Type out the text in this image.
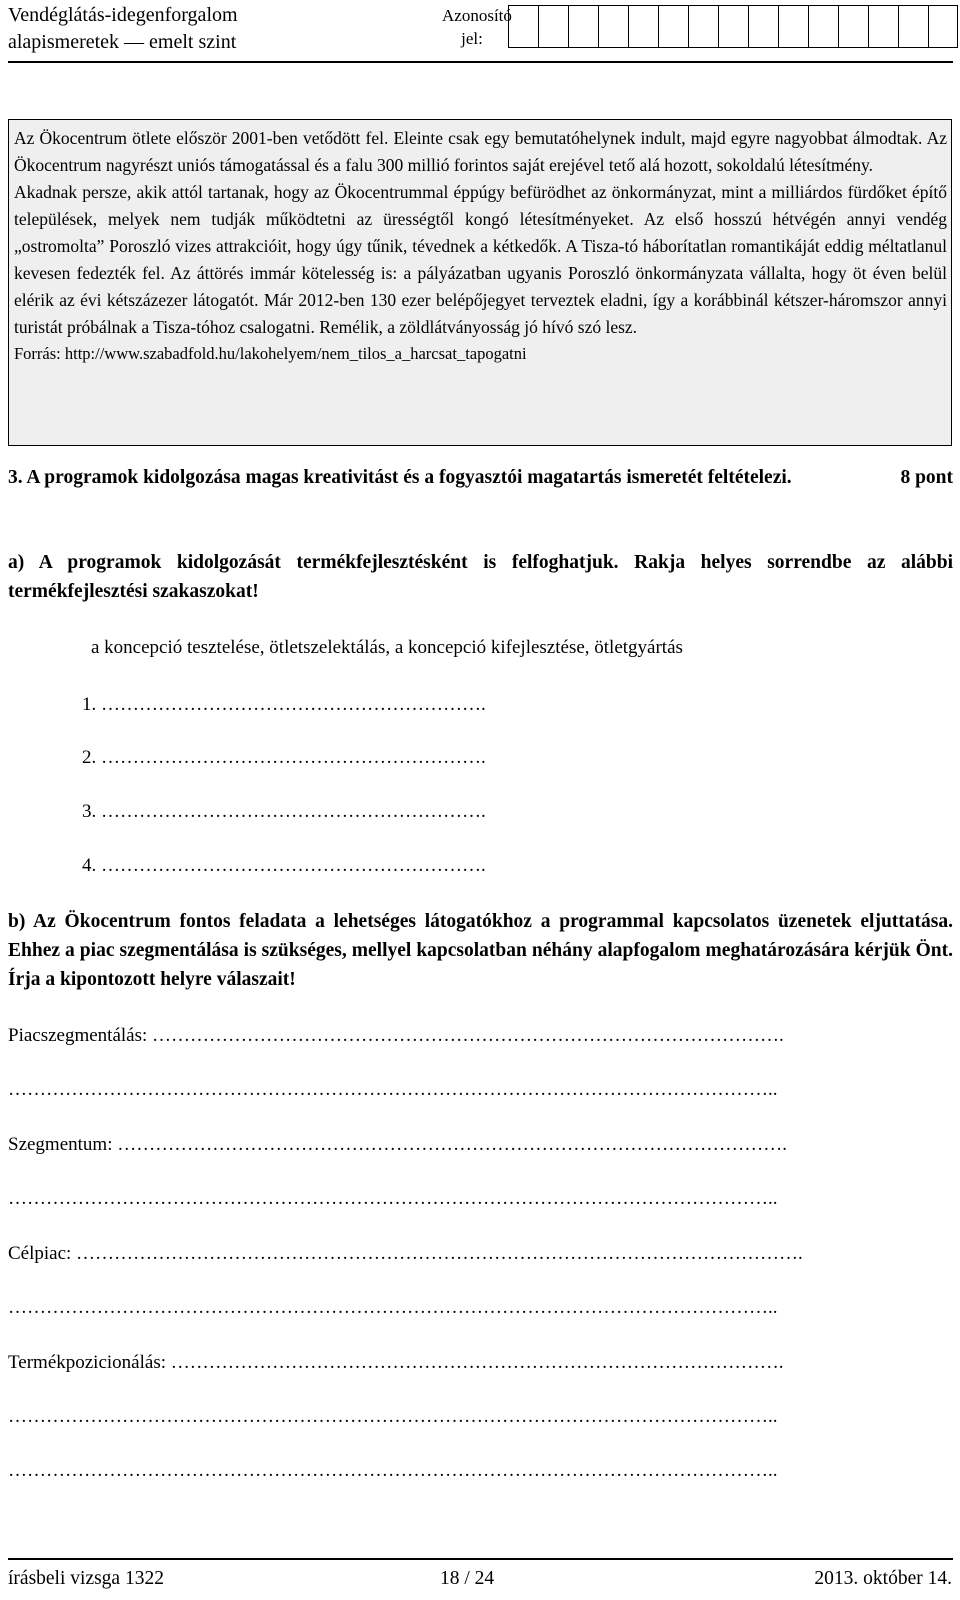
Vendéglátás-idegenforgalom
alapismeretek — emelt szint
Azonosító
jel:

Az Ökocentrum ötlete először 2001-ben vetődött fel. Eleinte csak egy bemutatóhelynek indult, majd egyre nagyobbat álmodtak. Az Ökocentrum nagyrészt uniós támogatással és a falu 300 millió forintos saját erejével tető alá hozott, sokoldalú létesítmény.

Akadnak persze, akik attól tartanak, hogy az Ökocentrummal éppúgy befürödhet az önkormányzat, mint a milliárdos fürdőket építő települések, melyek nem tudják működtetni az ürességtől kongó létesítményeket. Az első hosszú hétvégén annyi vendég „ostromolta” Poroszló vizes attrakcióit, hogy úgy tűnik, tévednek a kétkedők. A Tisza-tó háborítatlan romantikáját eddig méltatlanul kevesen fedezték fel. Az áttörés immár kötelesség is: a pályázatban ugyanis Poroszló önkormányzata vállalta, hogy öt éven belül elérik az évi kétszázezer látogatót. Már 2012-ben 130 ezer belépőjegyet terveztek eladni, így a korábbinál kétszer-háromszor annyi turistát próbálnak a Tisza-tóhoz csalogatni. Remélik, a zöldlátványosság jó hívó szó lesz.

Forrás: http://www.szabadfold.hu/lakohelyem/nem_tilos_a_harcsat_tapogatni

3. A programok kidolgozása magas kreativitást és a fogyasztói magatartás ismeretét feltételezi.	8 pont

a) A programok kidolgozását termékfejlesztésként is felfoghatjuk. Rakja helyes sorrendbe az alábbi termékfejlesztési szakaszokat!

a koncepció tesztelése, ötletszelektálás, a koncepció kifejlesztése, ötletgyártás
1. …………………………………………………….
2. …………………………………………………….
3. …………………………………………………….
4. …………………………………………………….

b) Az Ökocentrum fontos feladata a lehetséges látogatókhoz a programmal kapcsolatos üzenetek eljuttatása. Ehhez a piac szegmentálása is szükséges, mellyel kapcsolatban néhány alapfogalom meghatározására kérjük Önt. Írja a kipontozott helyre válaszait!

Piacszegmentálás: ……………………………………………………………………………………….
…………………………………………………………………………………………………………..
Szegmentum: …………………………………………………………………………………………….
…………………………………………………………………………………………………………..
Célpiac: …………………………………………………………………………………………………….
…………………………………………………………………………………………………………..
Termékpozicionálás: …………………………………………………………………………………….
…………………………………………………………………………………………………………..
…………………………………………………………………………………………………………..
írásbeli vizsga 1322	18 / 24	2013. október 14.
